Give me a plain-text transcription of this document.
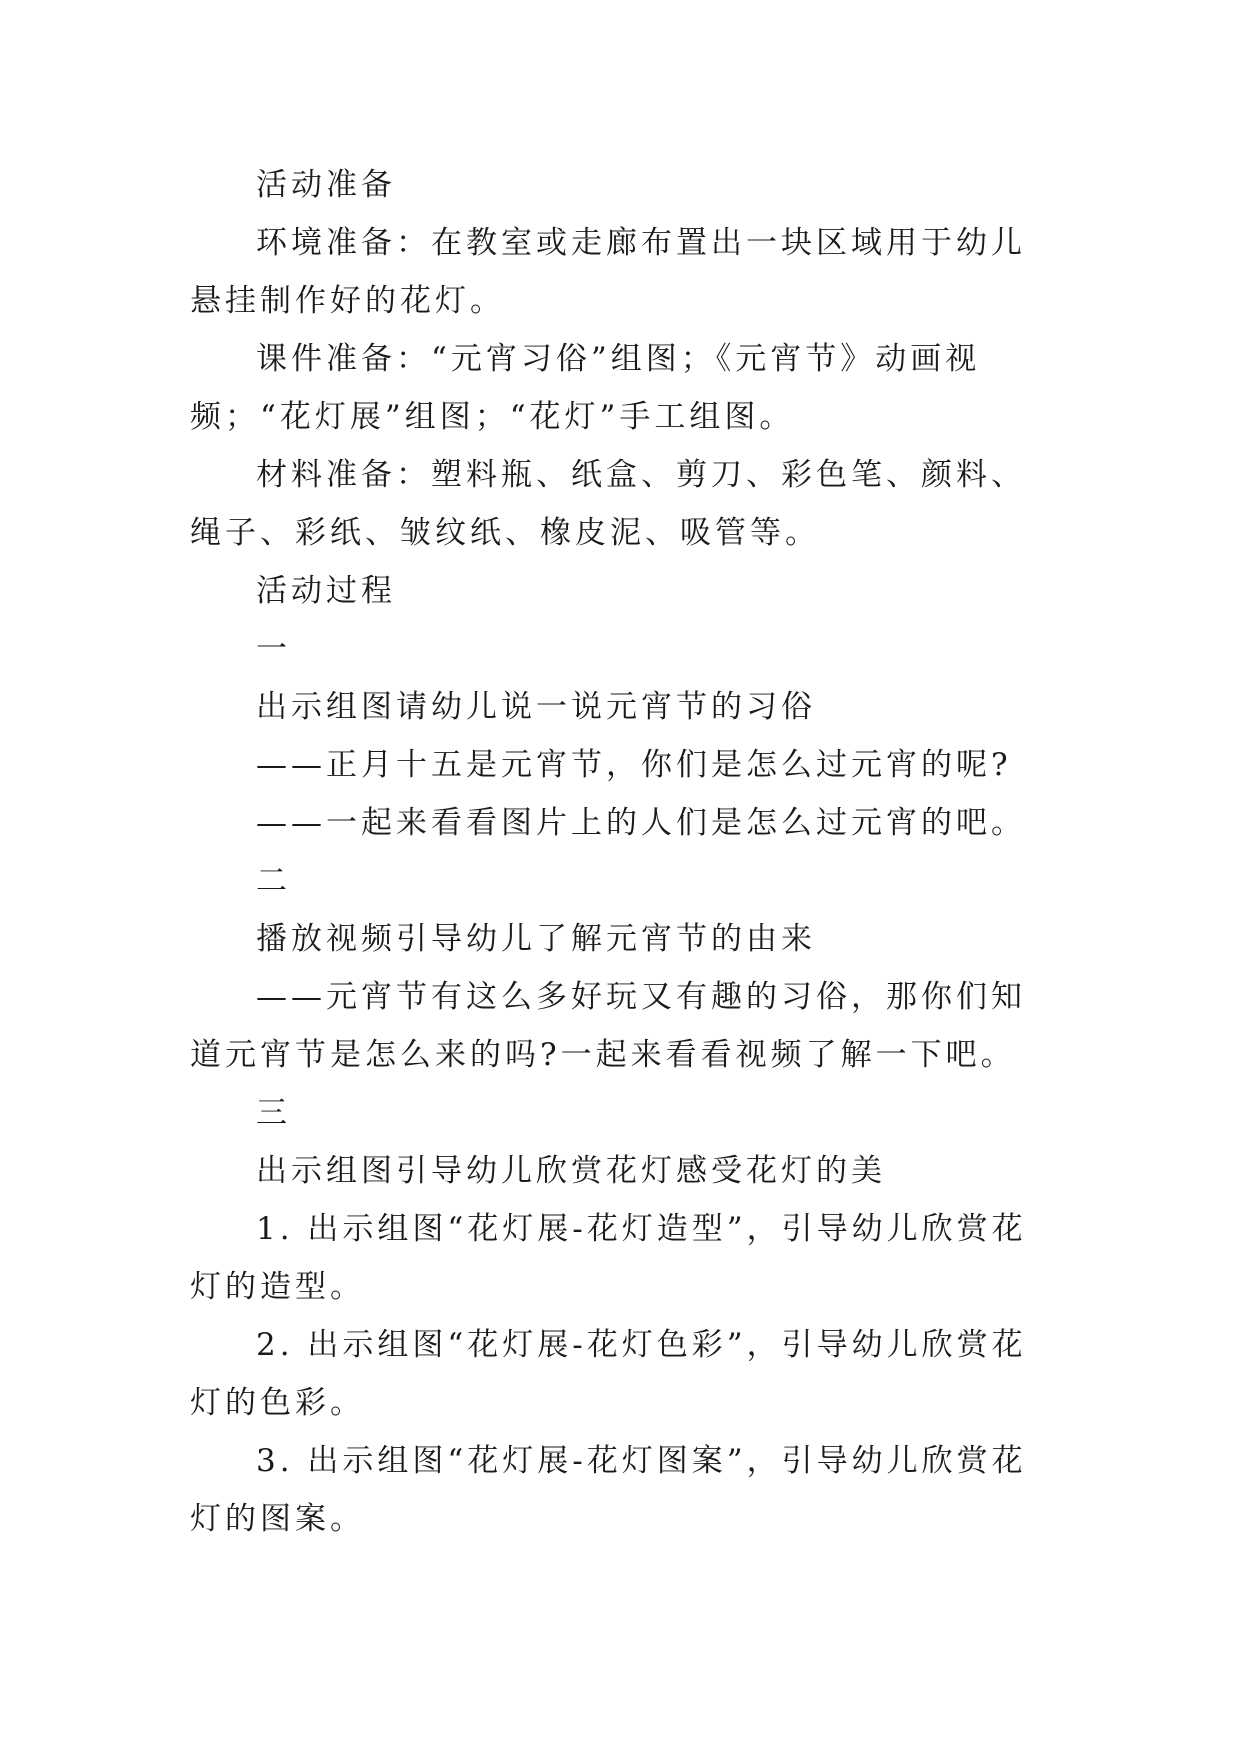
活动准备

环境准备：在教室或走廊布置出一块区域用于幼儿悬挂制作好的花灯。

课件准备：“元宵习俗”组图；《元宵节》动画视频；“花灯展”组图；“花灯”手工组图。

材料准备：塑料瓶、纸盒、剪刀、彩色笔、颜料、绳子、彩纸、皱纹纸、橡皮泥、吸管等。

活动过程

一

出示组图请幼儿说一说元宵节的习俗

——正月十五是元宵节，你们是怎么过元宵的呢?

——一起来看看图片上的人们是怎么过元宵的吧。

二

播放视频引导幼儿了解元宵节的由来

——元宵节有这么多好玩又有趣的习俗，那你们知道元宵节是怎么来的吗?一起来看看视频了解一下吧。

三

出示组图引导幼儿欣赏花灯感受花灯的美

1. 出示组图“花灯展-花灯造型”，引导幼儿欣赏花灯的造型。

2. 出示组图“花灯展-花灯色彩”，引导幼儿欣赏花灯的色彩。

3. 出示组图“花灯展-花灯图案”，引导幼儿欣赏花灯的图案。
